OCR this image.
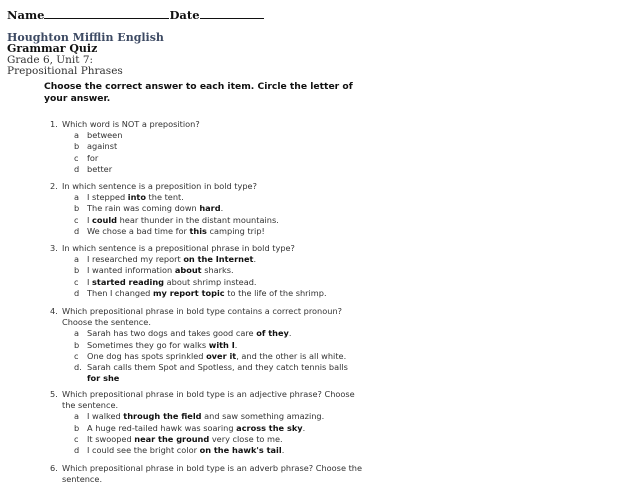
Name	Date
Houghton Mifflin English
Grammar Quiz
Grade 6, Unit 7:
Prepositional Phrases
Choose the correct answer to each item. Circle the letter of your answer.
1. Which word is NOT a preposition?
a between
b against
c for
d better
2. In which sentence is a preposition in bold type?
a I stepped into the tent.
b The rain was coming down hard.
c I could hear thunder in the distant mountains.
d We chose a bad time for this camping trip!
3. In which sentence is a prepositional phrase in bold type?
a I researched my report on the Internet.
b I wanted information about sharks.
c I started reading about shrimp instead.
d Then I changed my report topic to the life of the shrimp.
4. Which prepositional phrase in bold type contains a correct pronoun? Choose the sentence.
a Sarah has two dogs and takes good care of they.
b Sometimes they go for walks with I.
c One dog has spots sprinkled over it, and the other is all white.
d. Sarah calls them Spot and Spotless, and they catch tennis balls
for she
5. Which prepositional phrase in bold type is an adjective phrase? Choose the sentence.
a I walked through the field and saw something amazing.
b A huge red-tailed hawk was soaring across the sky.
c It swooped near the ground very close to me.
d I could see the bright color on the hawk's tail.
6. Which prepositional phrase in bold type is an adverb phrase? Choose the sentence.
